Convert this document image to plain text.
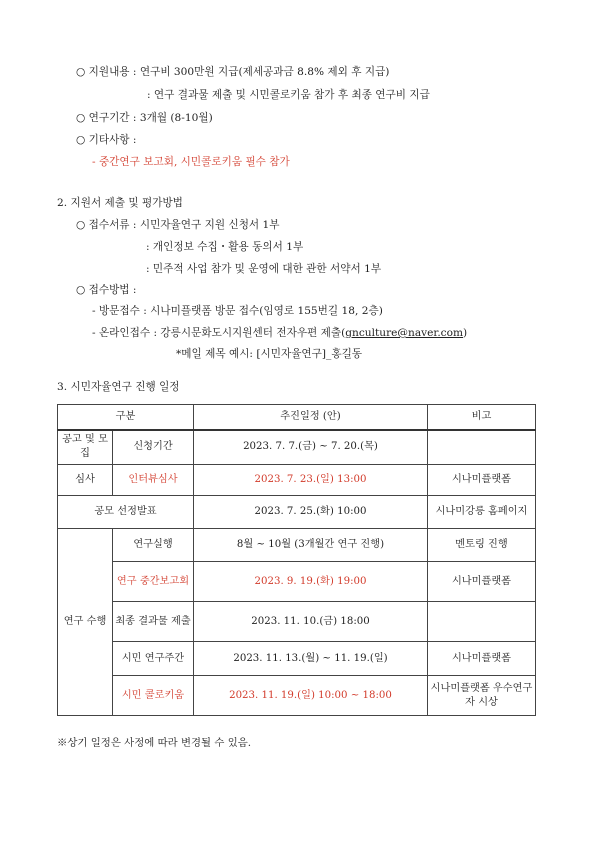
○ 지원내용 : 연구비 300만원 지급(제세공과금 8.8% 제외 후 지급)
: 연구 결과물 제출 및 시민콜로키움 참가 후 최종 연구비 지급
○ 연구기간 : 3개월 (8-10월)
○ 기타사항 :
- 중간연구 보고회, 시민콜로키움 필수 참가
2. 지원서 제출 및 평가방법
○ 접수서류 : 시민자율연구 지원 신청서 1부
: 개인정보 수집・활용 동의서 1부
: 민주적 사업 참가 및 운영에 대한 관한 서약서 1부
○ 접수방법 :
- 방문접수 : 시나미플랫폼 방문 접수(임영로 155번길 18, 2층)
- 온라인접수 : 강릉시문화도시지원센터 전자우편 제출(gnculture@naver.com)
*메일 제목 예시: [시민자율연구]_홍길동
3. 시민자율연구 진행 일정
구분		추진일정 (안)	비고
공고 및 모집	신청기간	2023. 7. 7.(금) ~ 7. 20.(목)	
심사	인터뷰심사	2023. 7. 23.(일) 13:00	시나미플랫폼
공모 선정발표		2023. 7. 25.(화) 10:00	시나미강릉 홈페이지
연구 수행	연구실행	8월 ~ 10월 (3개월간 연구 진행)	멘토링 진행
	연구 중간보고회	2023. 9. 19.(화) 19:00	시나미플랫폼
	최종 결과물 제출	2023. 11. 10.(금) 18:00	
	시민 연구주간	2023. 11. 13.(월) ~ 11. 19.(일)	시나미플랫폼
	시민 콜로키움	2023. 11. 19.(일) 10:00 ~ 18:00	시나미플랫폼 우수연구자 시상
※상기 일정은 사정에 따라 변경될 수 있음.
